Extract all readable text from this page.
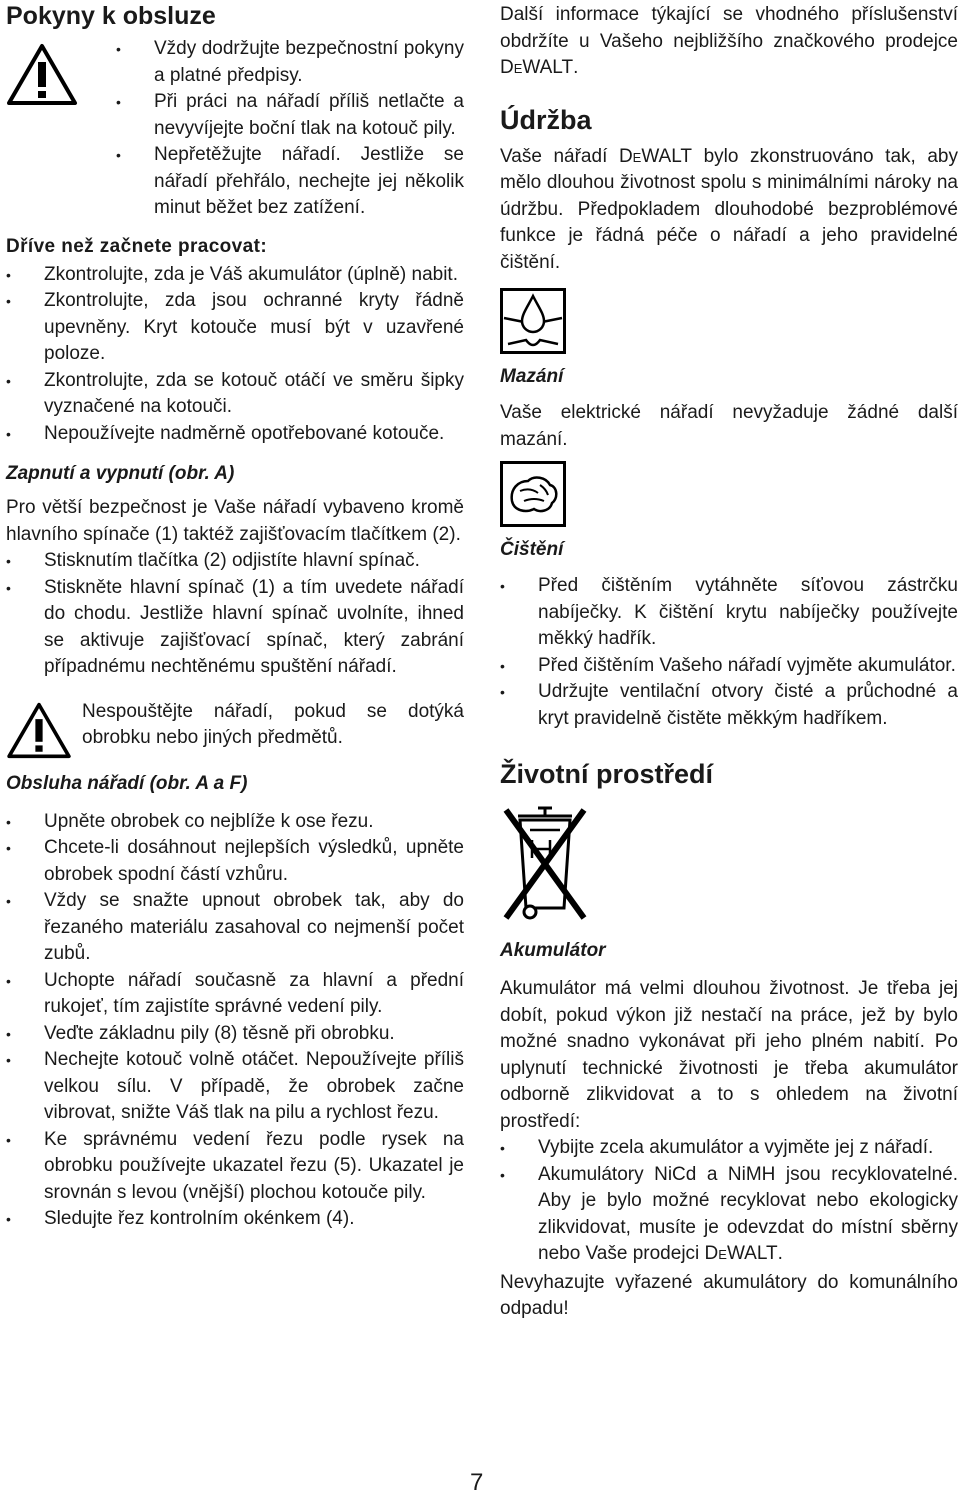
Pokyny k obsluze
• Vždy dodržujte bezpečnostní pokyny a platné předpisy.
• Při práci na nářadí příliš netlačte a nevyvíjejte boční tlak na kotouč pily.
• Nepřetěžujte nářadí. Jestliže se nářadí přehřálo, nechejte jej několik minut běžet bez zatížení.
Dříve než začnete pracovat:
• Zkontrolujte, zda je Váš akumulátor (úplně) nabit.
• Zkontrolujte, zda jsou ochranné kryty řádně upevněny. Kryt kotouče musí být v uzavřené poloze.
• Zkontrolujte, zda se kotouč otáčí ve směru šipky vyznačené na kotouči.
• Nepoužívejte nadměrně opotřebované kotouče.
Zapnutí a vypnutí (obr. A)

Pro větší bezpečnost je Vaše nářadí vybaveno kromě hlavního spínače (1) taktéž zajišťovacím tlačítkem (2).

• Stisknutím tlačítka (2) odjistíte hlavní spínač.
• Stiskněte hlavní spínač (1) a tím uvedete nářadí do chodu. Jestliže hlavní spínač uvolníte, ihned se aktivuje zajišťovací spínač, který zabrání případnému nechtěnému spuštění nářadí.

Nespouštějte nářadí, pokud se dotýká obrobku nebo jiných předmětů.

Obsluha nářadí (obr. A a F)
• Upněte obrobek co nejblíže k ose řezu.
• Chcete-li dosáhnout nejlepších výsledků, upněte obrobek spodní částí vzhůru.
• Vždy se snažte upnout obrobek tak, aby do řezaného materiálu zasahoval co nejmenší počet zubů.
• Uchopte nářadí současně za hlavní a přední rukojeť, tím zajistíte správné vedení pily.
• Veďte základnu pily (8) těsně při obrobku.
• Nechejte kotouč volně otáčet. Nepoužívejte příliš velkou sílu. V případě, že obrobek začne vibrovat, snižte Váš tlak na pilu a rychlost řezu.
• Ke správnému vedení řezu podle rysek na obrobku používejte ukazatel řezu (5). Ukazatel je srovnán s levou (vnější) plochou kotouče pily.
• Sledujte řez kontrolním okénkem (4).

Další informace týkající se vhodného příslušenství obdržíte u Vašeho nejbližšího značkového prodejce DeWALT.

Údržba

Vaše nářadí DeWALT bylo zkonstruováno tak, aby mělo dlouhou životnost spolu s minimálními nároky na údržbu. Předpokladem dlouhodobé bezproblémové funkce je řádná péče o nářadí a jeho pravidelné čištění.

Mazání

Vaše elektrické nářadí nevyžaduje žádné další mazání.

Čištění
• Před čištěním vytáhněte síťovou zástrčku nabíječky. K čištění krytu nabíječky používejte měkký hadřík.
• Před čištěním Vašeho nářadí vyjměte akumulátor.
• Udržujte ventilační otvory čisté a průchodné a kryt pravidelně čistěte měkkým hadříkem.
Životní prostředí
Akumulátor

Akumulátor má velmi dlouhou životnost. Je třeba jej dobít, pokud výkon již nestačí na práce, jež by bylo možné snadno vykonávat při jeho plném nabití. Po uplynutí technické životnosti je třeba akumulátor odborně zlikvidovat a to s ohledem na životní prostředí:

• Vybijte zcela akumulátor a vyjměte jej z nářadí.
• Akumulátory NiCd a NiMH jsou recyklovatelné. Aby je bylo možné recyklovat nebo ekologicky zlikvidovat, musíte je odevzdat do místní sběrny nebo Vaše prodejci DeWALT.

Nevyhazujte vyřazené akumulátory do komunálního odpadu!

7
